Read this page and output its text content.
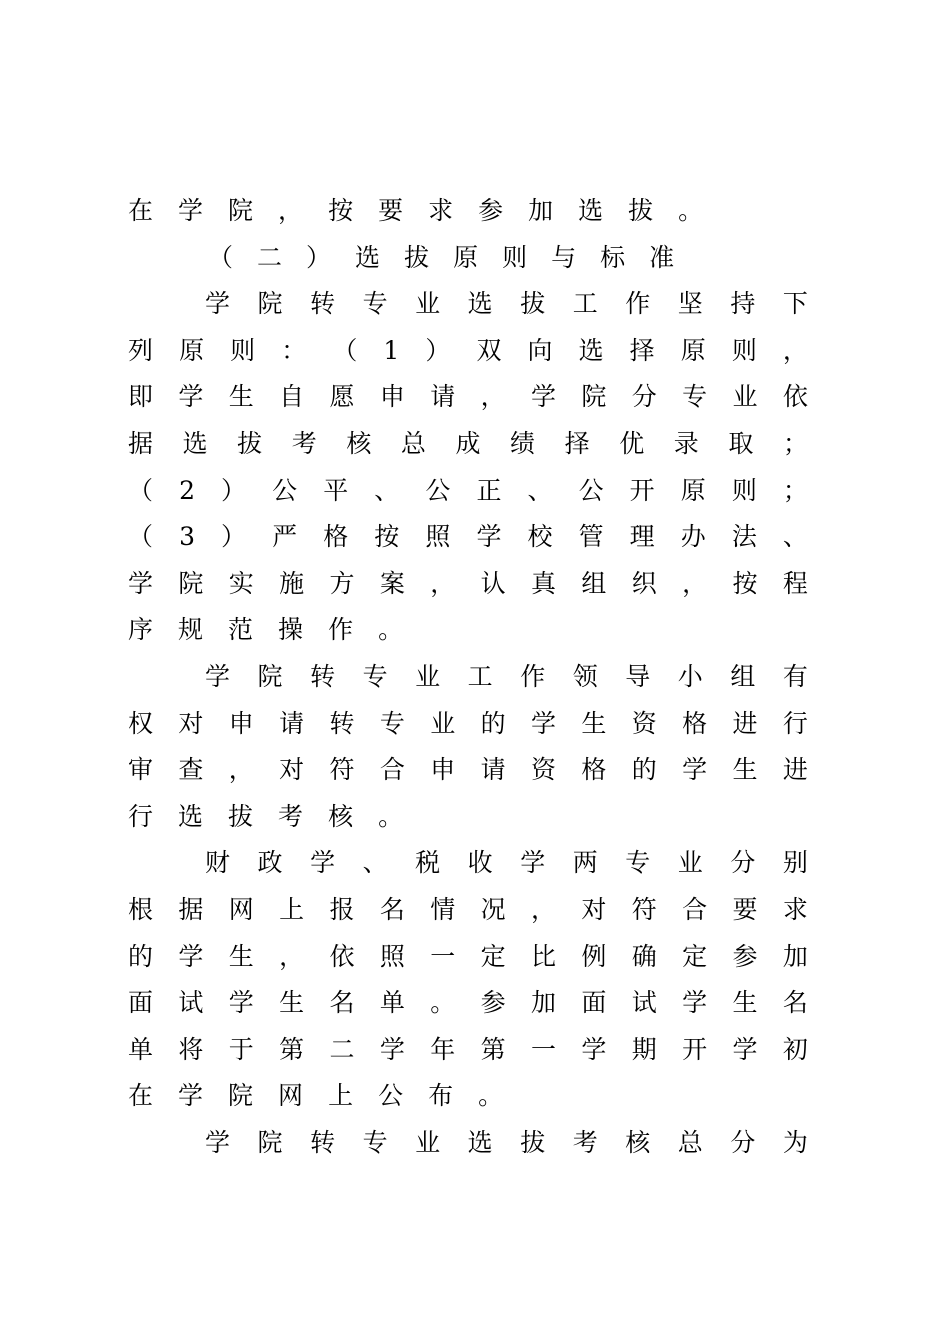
在 学 院 ， 按 要 求 参 加 选 拔 。
（ 二 ） 选 拔 原 则 与 标 准
学 院 转 专 业 选 拔 工 作 坚 持 下
列 原 则 ： （ 1 ） 双 向 选 择 原 则 ，
即 学 生 自 愿 申 请 ， 学 院 分 专 业 依
据 选 拔 考 核 总 成 绩 择 优 录 取 ；
（ 2 ） 公 平 、 公 正 、 公 开 原 则 ；
（ 3 ） 严 格 按 照 学 校 管 理 办 法 、
学 院 实 施 方 案 ， 认 真 组 织 ， 按 程
序 规 范 操 作 。
学 院 转 专 业 工 作 领 导 小 组 有
权 对 申 请 转 专 业 的 学 生 资 格 进 行
审 查 ， 对 符 合 申 请 资 格 的 学 生 进
行 选 拔 考 核 。
财 政 学 、 税 收 学 两 专 业 分 别
根 据 网 上 报 名 情 况 ， 对 符 合 要 求
的 学 生 ， 依 照 一 定 比 例 确 定 参 加
面 试 学 生 名 单 。 参 加 面 试 学 生 名
单 将 于 第 二 学 年 第 一 学 期 开 学 初
在 学 院 网 上 公 布 。
学 院 转 专 业 选 拔 考 核 总 分 为
